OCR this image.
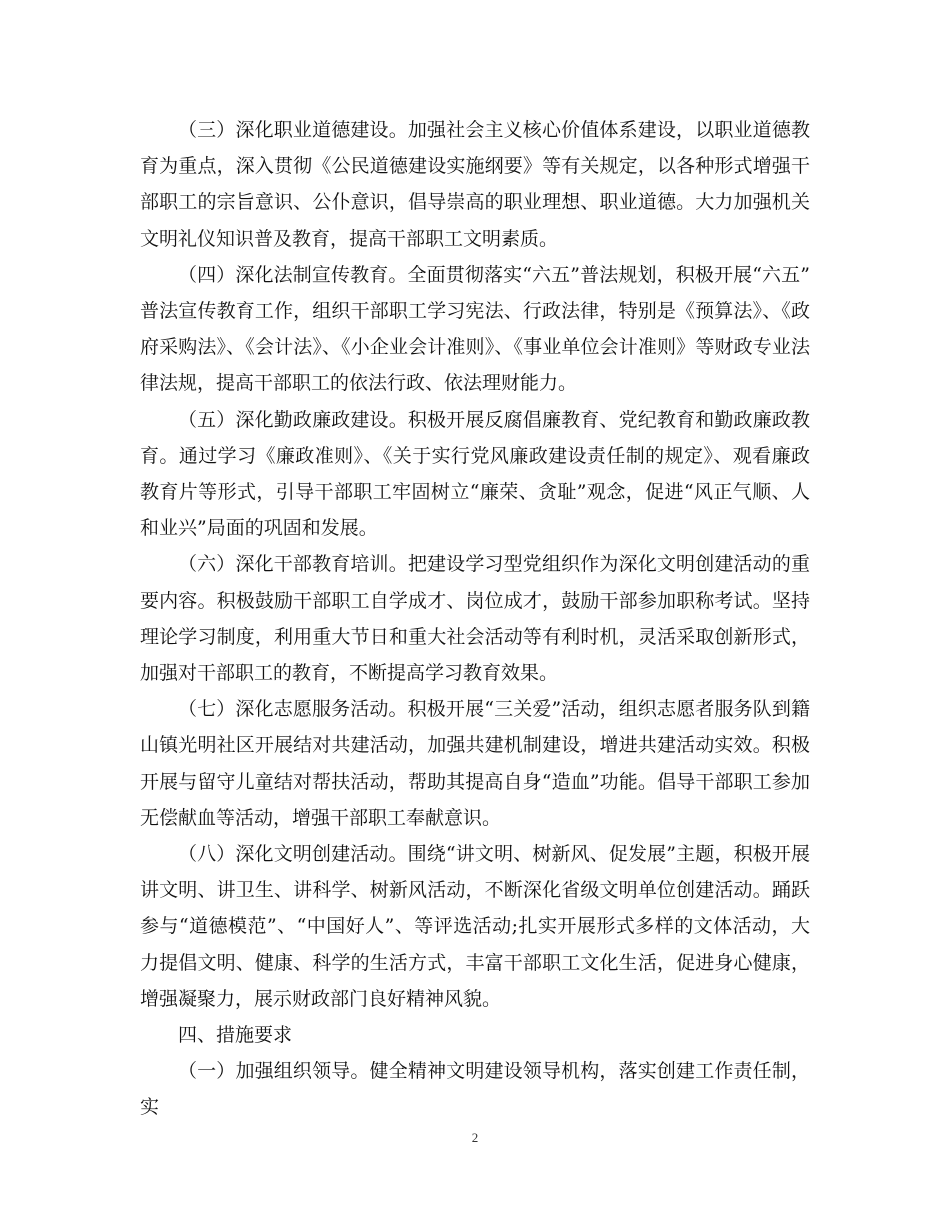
（三）深化职业道德建设。加强社会主义核心价值体系建设，以职业道德教育为重点，深入贯彻《公民道德建设实施纲要》等有关规定，以各种形式增强干部职工的宗旨意识、公仆意识，倡导崇高的职业理想、职业道德。大力加强机关文明礼仪知识普及教育，提高干部职工文明素质。

（四）深化法制宣传教育。全面贯彻落实“六五”普法规划，积极开展“六五”普法宣传教育工作，组织干部职工学习宪法、行政法律，特别是《预算法》、《政府采购法》、《会计法》、《小企业会计准则》、《事业单位会计准则》等财政专业法律法规，提高干部职工的依法行政、依法理财能力。

（五）深化勤政廉政建设。积极开展反腐倡廉教育、党纪教育和勤政廉政教育。通过学习《廉政准则》、《关于实行党风廉政建设责任制的规定》、观看廉政教育片等形式，引导干部职工牢固树立“廉荣、贪耻”观念，促进“风正气顺、人和业兴”局面的巩固和发展。

（六）深化干部教育培训。把建设学习型党组织作为深化文明创建活动的重要内容。积极鼓励干部职工自学成才、岗位成才，鼓励干部参加职称考试。坚持理论学习制度，利用重大节日和重大社会活动等有利时机，灵活采取创新形式，加强对干部职工的教育，不断提高学习教育效果。

（七）深化志愿服务活动。积极开展“三关爱”活动，组织志愿者服务队到籍山镇光明社区开展结对共建活动，加强共建机制建设，增进共建活动实效。积极开展与留守儿童结对帮扶活动，帮助其提高自身“造血”功能。倡导干部职工参加无偿献血等活动，增强干部职工奉献意识。

（八）深化文明创建活动。围绕“讲文明、树新风、促发展”主题，积极开展讲文明、讲卫生、讲科学、树新风活动，不断深化省级文明单位创建活动。踊跃参与“道德模范”、“中国好人”、等评选活动;扎实开展形式多样的文体活动，大力提倡文明、健康、科学的生活方式，丰富干部职工文化生活，促进身心健康，增强凝聚力，展示财政部门良好精神风貌。

四、措施要求

（一）加强组织领导。健全精神文明建设领导机构，落实创建工作责任制，实

2
